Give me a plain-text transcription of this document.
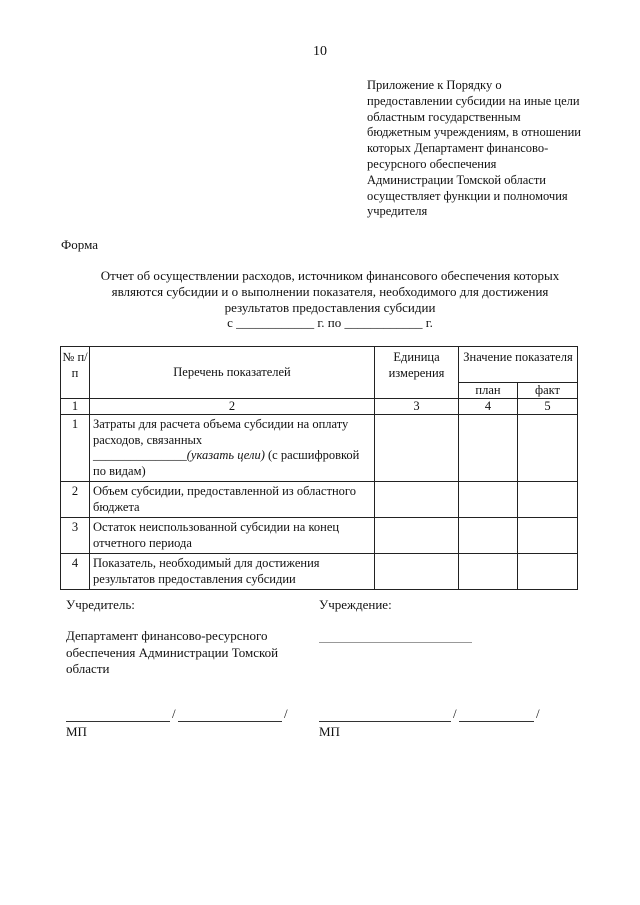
10
Приложение к Порядку о
предоставлении субсидии на иные цели
областным государственным
бюджетным учреждениям, в отношении
которых Департамент финансово-
ресурсного обеспечения
Администрации Томской области
осуществляет функции и полномочия
учредителя
Форма
Отчет об осуществлении расходов, источником финансового обеспечения которых
являются субсидии и о выполнении показателя, необходимого для достижения
результатов предоставления субсидии
с ____________ г. по ____________ г.
№ п/п	Перечень показателей	Единица измерения	Значение показателя	
			план	факт
1	2	3	4	5
1	Затраты для расчета объема субсидии на оплату расходов, связанных
_______________(указать цели) (с расшифровкой по видам)			
2	Объем субсидии, предоставленной из областного бюджета			
3	Остаток неиспользованной субсидии на конец отчетного периода			
4	Показатель, необходимый для достижения результатов предоставления субсидии			
Учредитель:	Учреждение:
Департамент финансово-ресурсного обеспечения Администрации Томской области
/	/
МП
/	/
МП
